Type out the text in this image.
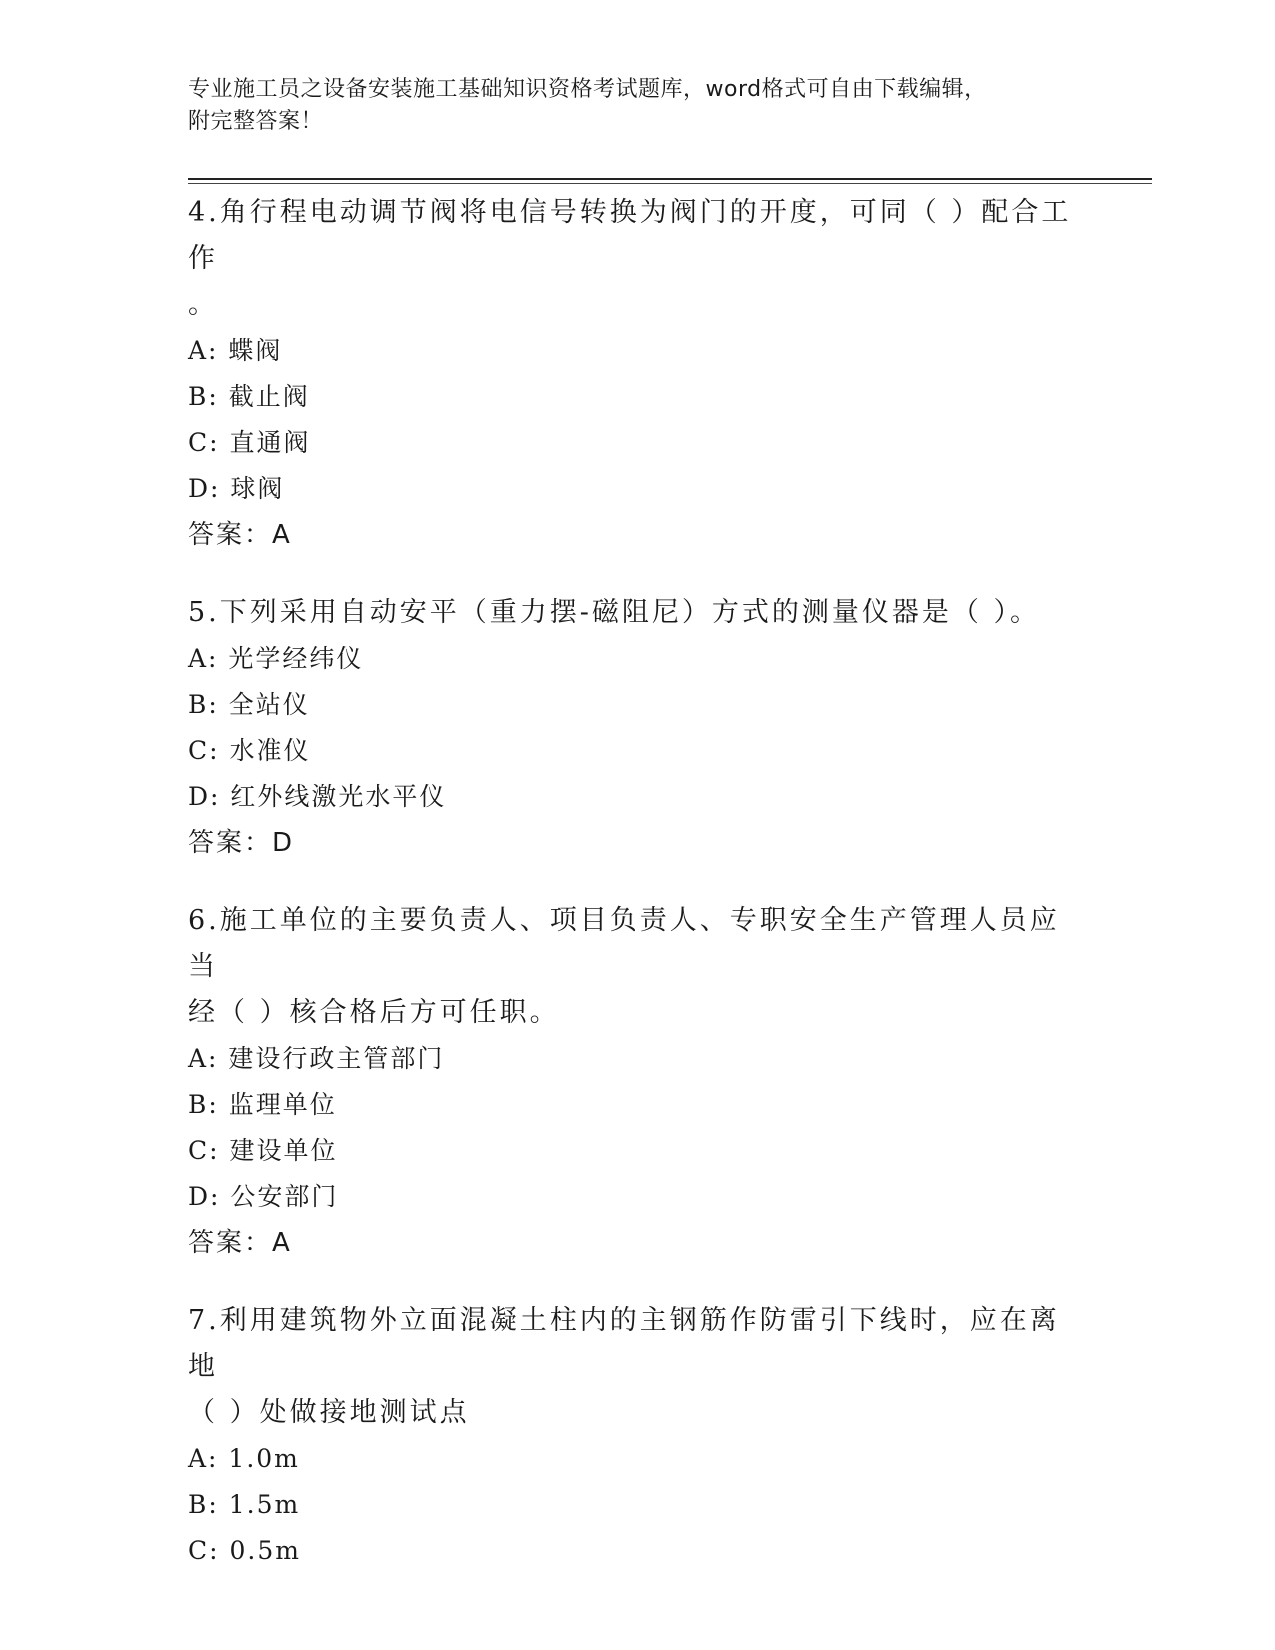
专业施工员之设备安装施工基础知识资格考试题库，word格式可自由下载编辑，
附完整答案！
4.角行程电动调节阀将电信号转换为阀门的开度，可同（ ）配合工作
。
A: 蝶阀
B: 截止阀
C: 直通阀
D: 球阀
答案：A
5.下列采用自动安平（重力摆-磁阻尼）方式的测量仪器是（ ）。
A: 光学经纬仪
B: 全站仪
C: 水准仪
D: 红外线激光水平仪
答案：D
6.施工单位的主要负责人、项目负责人、专职安全生产管理人员应当
经（ ）核合格后方可任职。
A: 建设行政主管部门
B: 监理单位
C: 建设单位
D: 公安部门
答案：A
7.利用建筑物外立面混凝土柱内的主钢筋作防雷引下线时，应在离地
（ ）处做接地测试点
A: 1.0m
B: 1.5m
C: 0.5m
